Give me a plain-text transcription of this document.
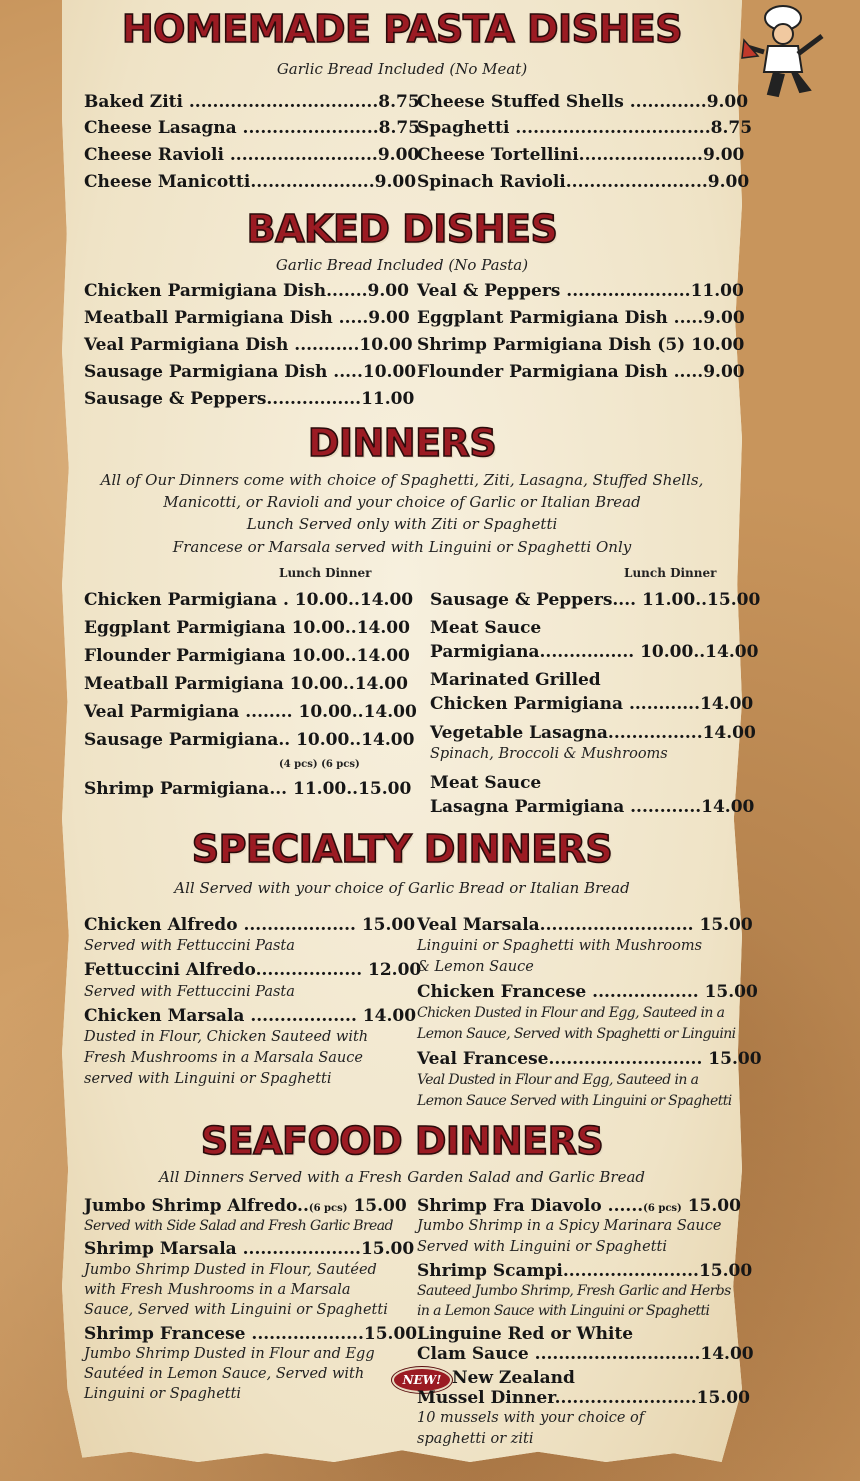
HOMEMADE PASTA DISHES
Garlic Bread Included (No Meat)
Baked Ziti ................................8.75
Cheese Lasagna .......................8.75
Cheese Ravioli .........................9.00
Cheese Manicotti.....................9.00
Cheese Stuffed Shells .............9.00
Spaghetti .................................8.75
Cheese Tortellini.....................9.00
Spinach Ravioli........................9.00
BAKED DISHES
Garlic Bread Included (No Pasta)
Chicken Parmigiana Dish.......9.00
Meatball Parmigiana Dish .....9.00
Veal Parmigiana Dish ...........10.00
Sausage Parmigiana Dish .....10.00
Sausage & Peppers................11.00
Veal & Peppers .....................11.00
Eggplant Parmigiana Dish .....9.00
Shrimp Parmigiana Dish (5) 10.00
Flounder Parmigiana Dish .....9.00
DINNERS
All of Our Dinners come with choice of Spaghetti, Ziti, Lasagna, Stuffed Shells,
Manicotti, or Ravioli and your choice of Garlic or Italian Bread
Lunch Served only with Ziti or Spaghetti
Francese or Marsala served with Linguini or Spaghetti Only
Lunch Dinner	Lunch Dinner
Chicken Parmigiana . 10.00..14.00
Eggplant Parmigiana 10.00..14.00
Flounder Parmigiana 10.00..14.00
Meatball Parmigiana 10.00..14.00
Veal Parmigiana ........ 10.00..14.00
Sausage Parmigiana.. 10.00..14.00
(4 pcs) (6 pcs)
Shrimp Parmigiana... 11.00..15.00
Sausage & Peppers.... 11.00..15.00
Meat Sauce
Parmigiana................ 10.00..14.00
Marinated Grilled
Chicken Parmigiana ............14.00
Vegetable Lasagna................14.00
Spinach, Broccoli & Mushrooms
Meat Sauce
Lasagna Parmigiana ............14.00
SPECIALTY DINNERS
All Served with your choice of Garlic Bread or Italian Bread
Chicken Alfredo ................... 15.00
Served with Fettuccini Pasta
Fettuccini Alfredo.................. 12.00
Served with Fettuccini Pasta
Chicken Marsala .................. 14.00
Dusted in Flour, Chicken Sauteed with
Fresh Mushrooms in a Marsala Sauce
served with Linguini or Spaghetti
Veal Marsala.......................... 15.00
Linguini or Spaghetti with Mushrooms
& Lemon Sauce
Chicken Francese .................. 15.00
Chicken Dusted in Flour and Egg, Sauteed in a
Lemon Sauce, Served with Spaghetti or Linguini
Veal Francese.......................... 15.00
Veal Dusted in Flour and Egg, Sauteed in a
Lemon Sauce Served with Linguini or Spaghetti
SEAFOOD DINNERS
All Dinners Served with a Fresh Garden Salad and Garlic Bread
Jumbo Shrimp Alfredo..(6 pcs) 15.00
Served with Side Salad and Fresh Garlic Bread
Shrimp Marsala ....................15.00
Jumbo Shrimp Dusted in Flour, Sautéed
with Fresh Mushrooms in a Marsala
Sauce, Served with Linguini or Spaghetti
Shrimp Francese ...................15.00
Jumbo Shrimp Dusted in Flour and Egg
Sautéed in Lemon Sauce, Served with
Linguini or Spaghetti
Shrimp Fra Diavolo ......(6 pcs) 15.00
Jumbo Shrimp in a Spicy Marinara Sauce
Served with Linguini or Spaghetti
Shrimp Scampi.......................15.00
Sauteed Jumbo Shrimp, Fresh Garlic and Herbs
in a Lemon Sauce with Linguini or Spaghetti
Linguine Red or White
Clam Sauce ............................14.00
NEW! New Zealand
Mussel Dinner........................15.00
10 mussels with your choice of
spaghetti or ziti
